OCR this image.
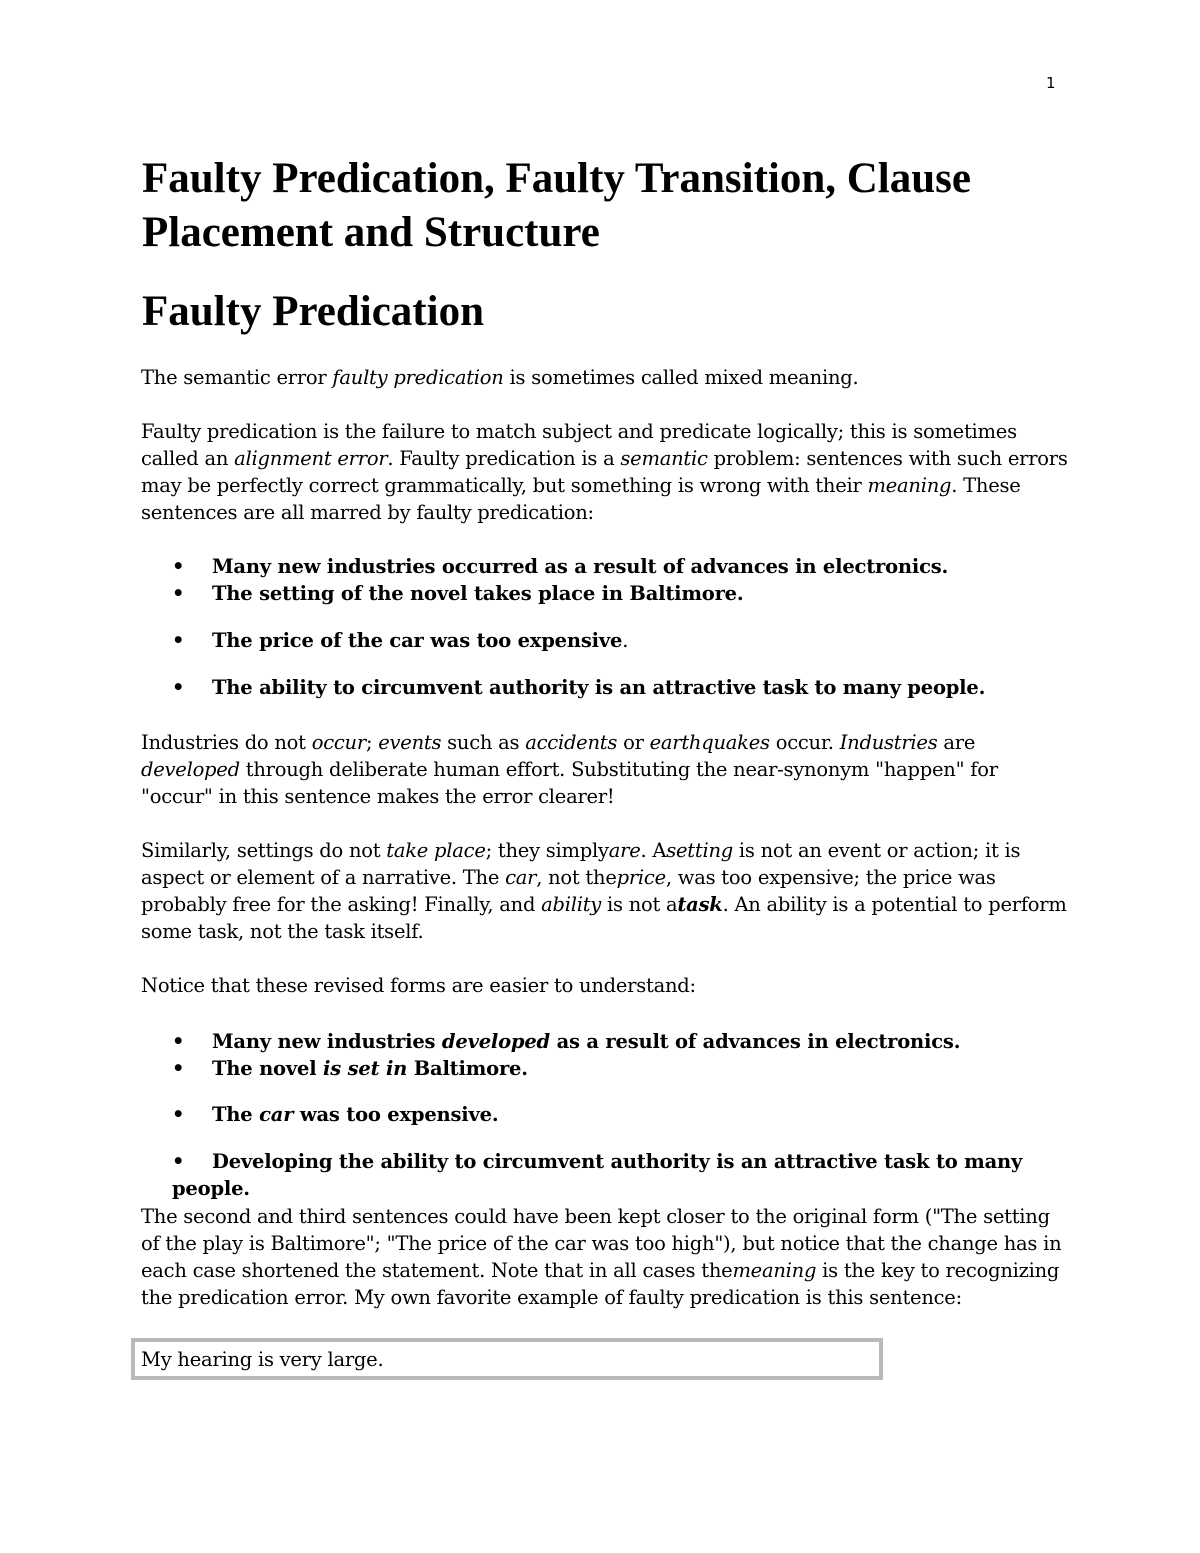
1
Faulty Predication, Faulty Transition, Clause Placement and Structure
Faulty Predication

The semantic error faulty predication is sometimes called mixed meaning.

Faulty predication is the failure to match subject and predicate logically; this is sometimes called an alignment error. Faulty predication is a semantic problem: sentences with such errors may be perfectly correct grammatically, but something is wrong with their meaning. These sentences are all marred by faulty predication:

• Many new industries occurred as a result of advances in electronics.
• The setting of the novel takes place in Baltimore.
• The price of the car was too expensive.
• The ability to circumvent authority is an attractive task to many people.

Industries do not occur; events such as accidents or earthquakes occur. Industries are developed through deliberate human effort. Substituting the near-synonym "happen" for "occur" in this sentence makes the error clearer!

Similarly, settings do not take place; they simplyare. Asetting is not an event or action; it is aspect or element of a narrative. The car, not theprice, was too expensive; the price was probably free for the asking! Finally, and ability is not atask. An ability is a potential to perform some task, not the task itself.

Notice that these revised forms are easier to understand:

• Many new industries developed as a result of advances in electronics.
• The novel is set in Baltimore.
• The car was too expensive.
• Developing the ability to circumvent authority is an attractive task to many people.

The second and third sentences could have been kept closer to the original form ("The setting of the play is Baltimore"; "The price of the car was too high"), but notice that the change has in each case shortened the statement. Note that in all cases themeaning is the key to recognizing the predication error. My own favorite example of faulty predication is this sentence:

My hearing is very large.
